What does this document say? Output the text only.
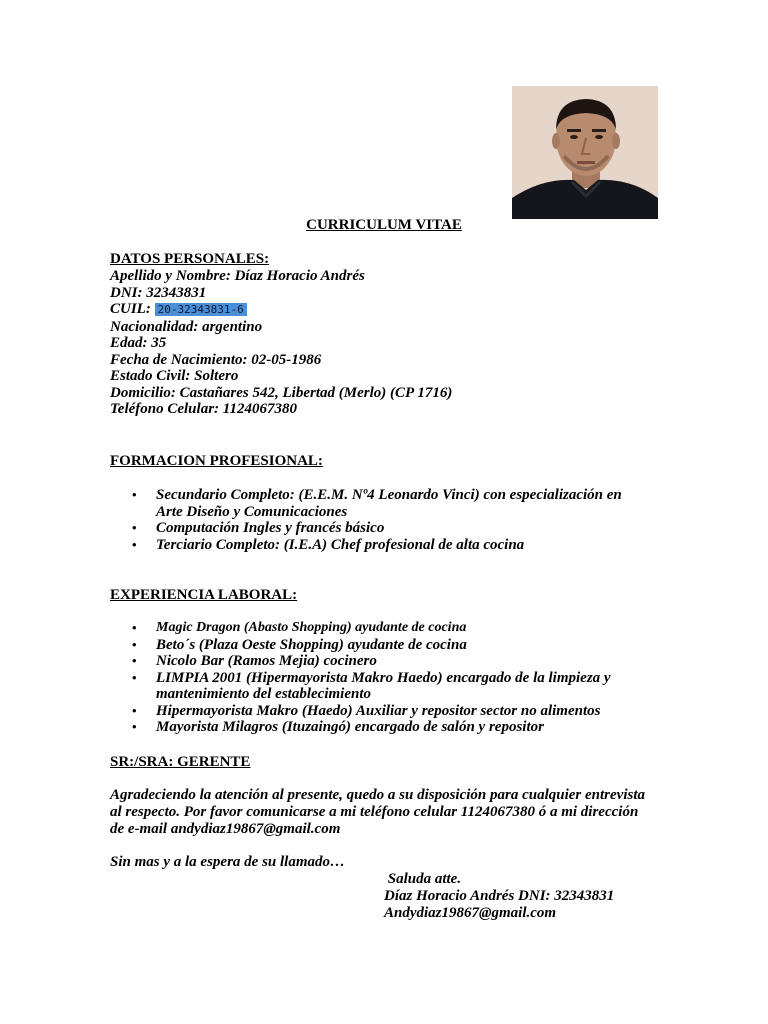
CURRICULUM VITAE
DATOS PERSONALES:
Apellido y Nombre: Díaz Horacio Andrés
DNI: 32343831
CUIL: 20-32343831-6
Nacionalidad: argentino
Edad: 35
Fecha de Nacimiento: 02-05-1986
Estado Civil: Soltero
Domicilio: Castañares 542, Libertad (Merlo) (CP 1716)
Teléfono Celular: 1124067380
FORMACION PROFESIONAL:
• Secundario Completo: (E.E.M. Nº4 Leonardo Vinci) con especialización en Arte Diseño y Comunicaciones
• Computación Ingles y francés básico
• Terciario Completo: (I.E.A) Chef profesional de alta cocina
EXPERIENCIA LABORAL:
• Magic Dragon (Abasto Shopping) ayudante de cocina
• Beto´s (Plaza Oeste Shopping) ayudante de cocina
• Nicolo Bar (Ramos Mejia) cocinero
• LIMPIA 2001 (Hipermayorista Makro Haedo) encargado de la limpieza y mantenimiento del establecimiento
• Hipermayorista Makro (Haedo) Auxiliar y repositor sector no alimentos
• Mayorista Milagros (Ituzaingó) encargado de salón y repositor
SR:/SRA: GERENTE
Agradeciendo la atención al presente, quedo a su disposición para cualquier entrevista al respecto. Por favor comunicarse a mi teléfono celular 1124067380 ó a mi dirección de e-mail andydiaz19867@gmail.com
Sin mas y a la espera de su llamado…
Saluda atte.
Díaz Horacio Andrés DNI: 32343831
Andydiaz19867@gmail.com
